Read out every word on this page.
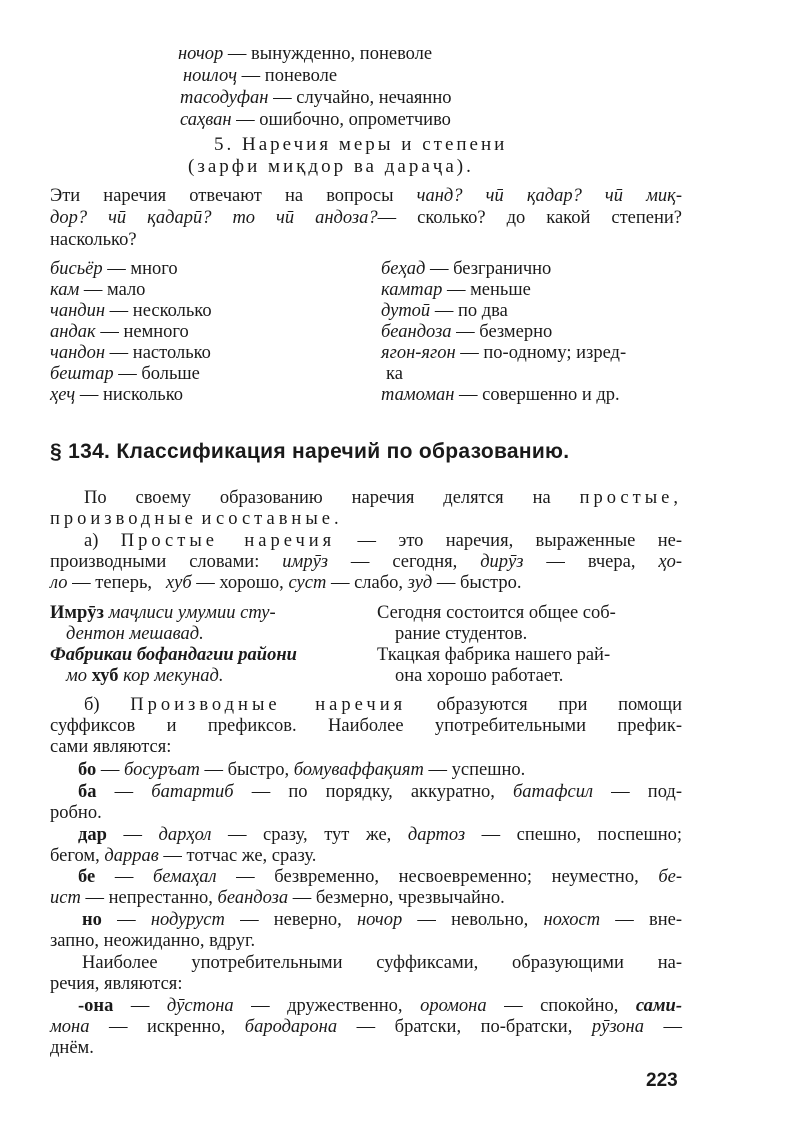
ночор — вынужденно, поневоле
ноилоҷ — поневоле
тасодуфан — случайно, нечаянно
саҳван — ошибочно, опрометчиво
5. Наречия меры и степени
(зарфи миқдор ва дараҷа).
Эти наречия отвечают на вопросы чанд? чӣ қадар? чӣ миқ-
дор? чӣ қадарӣ? то чӣ андоза?— сколько? до какой степени?
насколько?
бисьёр — много
кам — мало
чандин — несколько
андак — немного
чандон — настолько
бештар — больше
ҳеҷ — нисколько
беҳад — безгранично
камтар — меньше
дутоӣ — по два
беандоза — безмерно
ягон-ягон — по-одному; изред-
ка
тамоман — совершенно и др.
§ 134. Классификация наречий по образованию.
По своему образованию наречия делятся на простые,
производные и составные.
а) Простые наречия — это наречия, выраженные не-
производными словами: имрӯз — сегодня, дирӯз — вчера, ҳо-
ло — теперь,   хуб — хорошо, суст — слабо, зуд — быстро.
Имрӯз маҷлиси умумии сту-
дентон мешавад.
Сегодня состоится общее соб-
рание студентов.
Фабрикаи бофандагии райони
мо хуб кор мекунад.
Ткацкая фабрика нашего рай-
она хорошо работает.
б) Производные наречия образуются при помощи
суффиксов и префиксов. Наиболее употребительными префик-
сами являются:
бо — босуръат — быстро, бомуваффақият — успешно.
ба — батартиб — по порядку, аккуратно, батафсил — под-
робно.
дар — дарҳол — сразу, тут же, дартоз — спешно, поспешно;
бегом, даррав — тотчас же, сразу.
бе — бемаҳал — безвременно, несвоевременно; неуместно, бе-
ист — непрестанно, беандоза — безмерно, чрезвычайно.
но — нодуруст — неверно, ночор — невольно, нохост — вне-
запно, неожиданно, вдруг.
Наиболее употребительными суффиксами, образующими на-
речия, являются:
-она — дӯстона — дружественно, оромона — спокойно, сами-
мона — искренно, бародарона — братски, по-братски, рӯзона —
днём.
223
